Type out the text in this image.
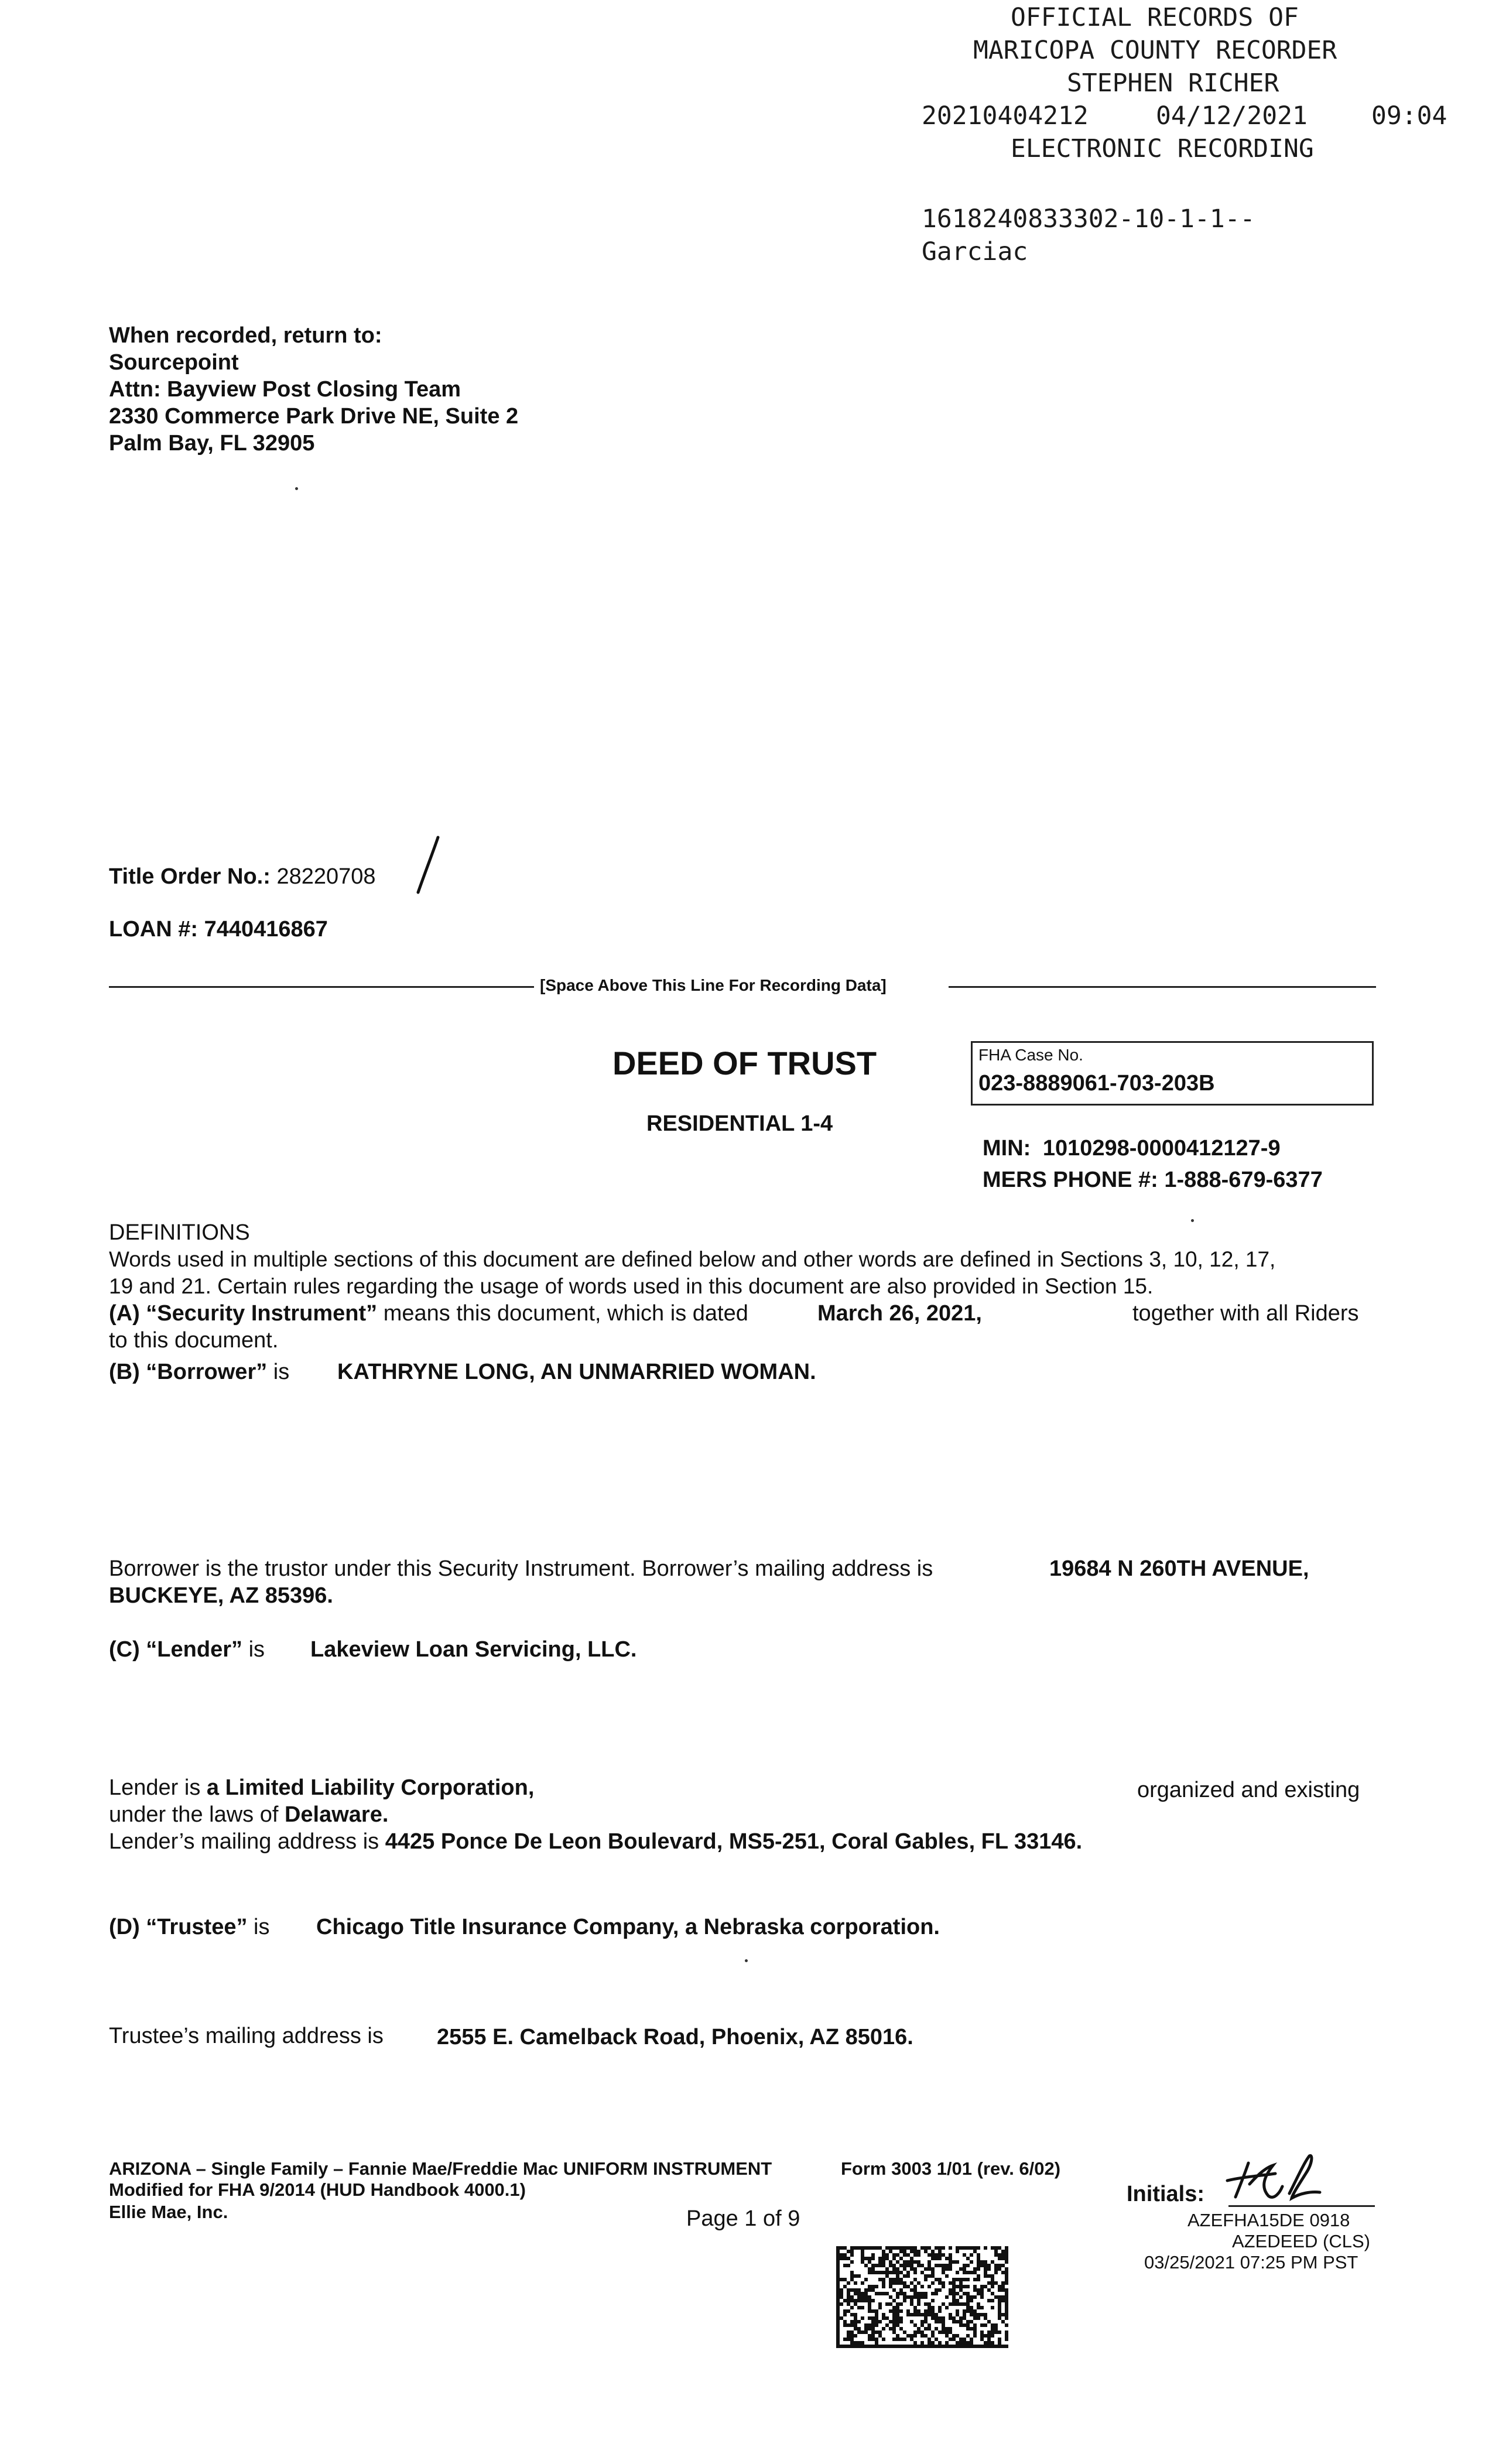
OFFICIAL RECORDS OF
MARICOPA COUNTY RECORDER
STEPHEN RICHER
20210404212	04/12/2021	09:04
ELECTRONIC RECORDING
1618240833302-10-1-1--
Garciac
When recorded, return to:
Sourcepoint
Attn: Bayview Post Closing Team
2330 Commerce Park Drive NE, Suite 2
Palm Bay, FL 32905
Title Order No.: 28220708
LOAN #: 7440416867
[Space Above This Line For Recording Data]
DEED OF TRUST
RESIDENTIAL 1-4
FHA Case No.
023-8889061-703-203B
MIN: 1010298-0000412127-9
MERS PHONE #: 1-888-679-6377
DEFINITIONS
Words used in multiple sections of this document are defined below and other words are defined in Sections 3, 10, 12, 17,
19 and 21. Certain rules regarding the usage of words used in this document are also provided in Section 15.
(A) “Security Instrument” means this document, which is dated	March 26, 2021,	together with all Riders
to this document.
(B) “Borrower” is KATHRYNE LONG, AN UNMARRIED WOMAN.
Borrower is the trustor under this Security Instrument. Borrower’s mailing address is	19684 N 260TH AVENUE,
BUCKEYE, AZ 85396.
(C) “Lender” is Lakeview Loan Servicing, LLC.
Lender is a Limited Liability Corporation,	organized and existing
under the laws of Delaware.
Lender’s mailing address is 4425 Ponce De Leon Boulevard, MS5-251, Coral Gables, FL 33146.
(D) “Trustee” is Chicago Title Insurance Company, a Nebraska corporation.
Trustee’s mailing address is 2555 E. Camelback Road, Phoenix, AZ 85016.
ARIZONA – Single Family – Fannie Mae/Freddie Mac UNIFORM INSTRUMENT	Form 3003 1/01 (rev. 6/02)
Modified for FHA 9/2014 (HUD Handbook 4000.1)
Ellie Mae, Inc.	Page 1 of 9
Initials:
AZEFHA15DE 0918
AZEDEED (CLS)
03/25/2021 07:25 PM PST
